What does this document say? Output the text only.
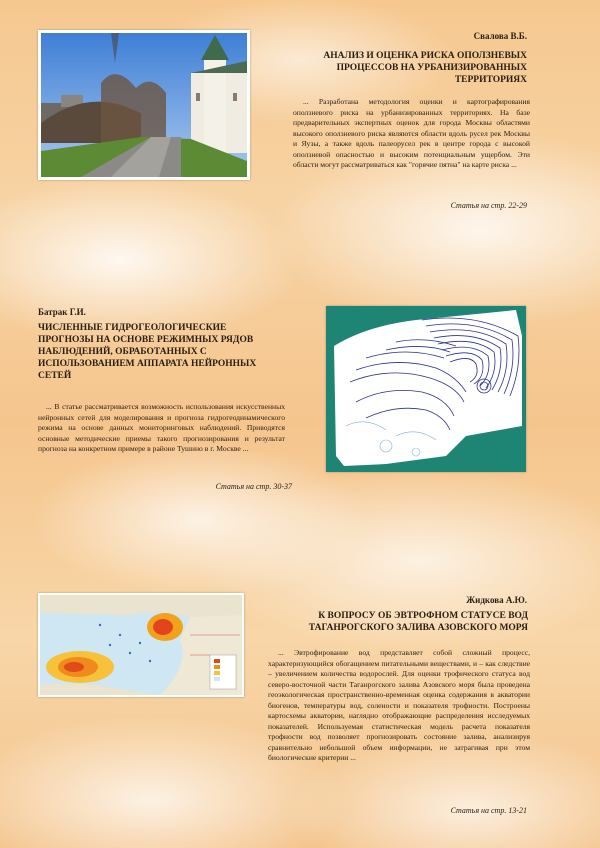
Свалова В.Б.
АНАЛИЗ И ОЦЕНКА РИСКА ОПОЛЗНЕВЫХ ПРОЦЕССОВ НА УРБАНИЗИРОВАННЫХ ТЕРРИТОРИЯХ
... Разработана методология оценки и картографирования оползневого риска на урбанизированных территориях. На базе предварительных экспертных оценок для города Москвы областями высокого оползневого риска являются области вдоль русел рек Москвы и Яузы, а также вдоль палеорусел рек в центре города с высокой оползневой опасностью и высоким потенциальным ущербом. Эти области могут рассматриваться как "горячие пятна" на карте риска ...
Статья на стр. 22-29
Батрак Г.И.
ЧИСЛЕННЫЕ ГИДРОГЕОЛОГИЧЕСКИЕ ПРОГНОЗЫ НА ОСНОВЕ РЕЖИМНЫХ РЯДОВ НАБЛЮДЕНИЙ, ОБРАБОТАННЫХ С ИСПОЛЬЗОВАНИЕМ АППАРАТА НЕЙРОННЫХ СЕТЕЙ
... В статье рассматривается возможность использования искусственных нейронных сетей для моделирования и прогноза гидрогеодинамического режима на основе данных мониторинговых наблюдений. Приводятся основные методические приемы такого прогнозирования и результат прогноза на конкретном примере в районе Тушино в г. Москве ...
Статья на стр. 30-37
Жидкова А.Ю.
К ВОПРОСУ ОБ ЭВТРОФНОМ СТАТУСЕ ВОД ТАГАНРОГСКОГО ЗАЛИВА АЗОВСКОГО МОРЯ
... Эвтрофирование вод представляет собой сложный процесс, характеризующийся обогащением питательными веществами, и – как следствие – увеличением количества водорослей. Для оценки трофического статуса вод северо-восточной части Таганрогского залива Азовского моря была проведена геоэкологическая пространственно-временная оценка содержания в акватории биогенов, температуры вод, солености и показателя трофности. Построены картосхемы акватории, наглядно отображающие распределения исследуемых показателей. Используемая статистическая модель расчета показателя трофности вод позволяет прогнозировать состояние залива, анализируя сравнительно небольшой объем информации, не затрагивая при этом биологические критерии ...
Статья на стр. 13-21
